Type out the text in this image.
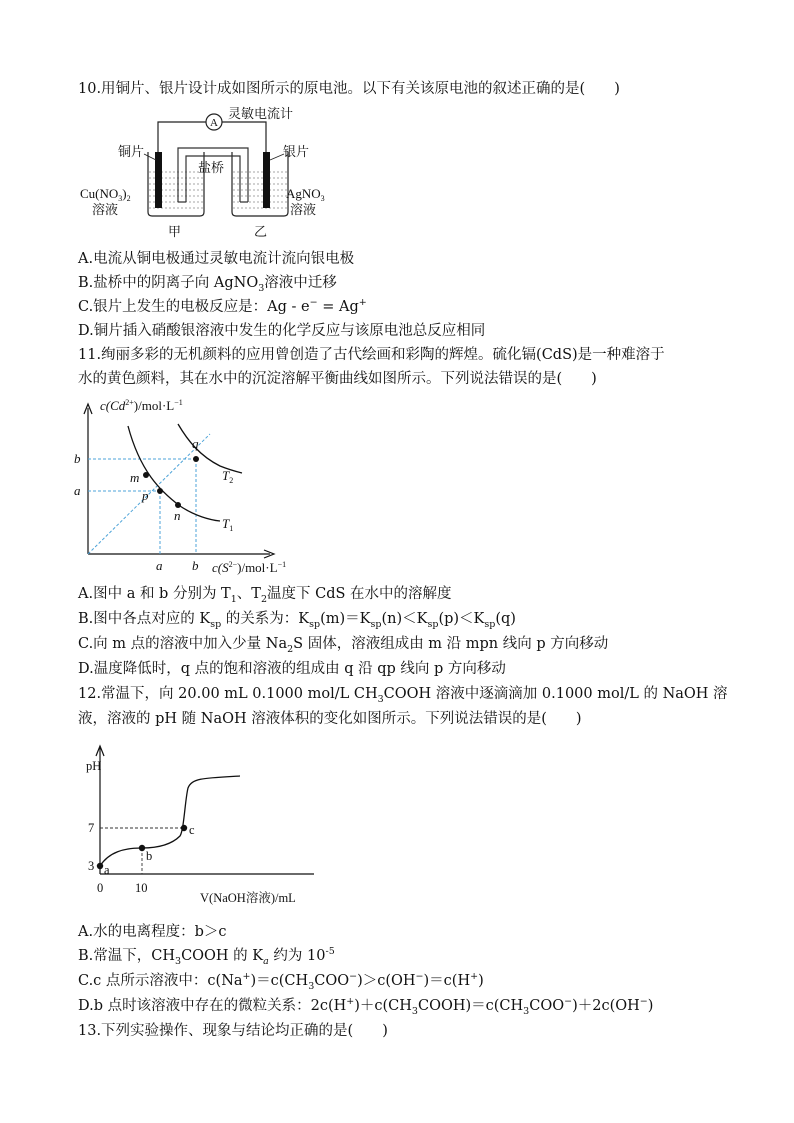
10.用铜片、银片设计成如图所示的原电池。以下有关该原电池的叙述正确的是(　　)
A
灵敏电流计
盐桥
铜片	银片
$Cu(NO_3)_2$
溶液
AgNO$_3$
溶液
甲	乙
A.电流从铜电极通过灵敏电流计流向银电极
B.盐桥中的阴离子向 AgNO$_3$溶液中迁移
C.银片上发生的电极反应是：Ag - e− = Ag+
D.铜片插入硝酸银溶液中发生的化学反应与该原电池总反应相同
11.绚丽多彩的无机颜料的应用曾创造了古代绘画和彩陶的辉煌。硫化镉(CdS)是一种难溶于
水的黄色颜料，其在水中的沉淀溶解平衡曲线如图所示。下列说法错误的是(　　)
$c(Cd^{2+})/mol\cdot L^{-1}$
$c(S^{2-})/mol\cdot L^{-1}$
m
p
n
q
$T_1$
$T_2$
b
a
a b
A.图中 a 和 b 分别为 $T_1$、$T_2$温度下 CdS 在水中的溶解度
B.图中各点对应的 $K_{sp}$ 的关系为：$K_{sp}(m)=K_{sp}(n)<K_{sp}(p)<K_{sp}(q)$
C.向 m 点的溶液中加入少量 $Na_2S$ 固体，溶液组成由 m 沿 mpn 线向 p 方向移动
D.温度降低时，q 点的饱和溶液的组成由 q 沿 qp 线向 p 方向移动
12.常温下，向 20.00 mL 0.1000 mol/L $CH_3COOH$ 溶液中逐滴滴加 0.1000 mol/L 的 NaOH 溶
液，溶液的 pH 随 NaOH 溶液体积的变化如图所示。下列说法错误的是(　　)
pH
V(NaOH溶液)/mL
a
b
c
7
3
0	10
A.水的电离程度：b＞c
B.常温下，$CH_3COOH$ 的 $K_a$ 约为 $10^{-5}$
C.c 点所示溶液中：$c(Na^+)=c(CH_3COO^-)>c(OH^-)=c(H^+)$
D.b 点时该溶液中存在的微粒关系：$2c(H^+)+c(CH_3COOH)=c(CH_3COO^-)+2c(OH^-)$
13.下列实验操作、现象与结论均正确的是(　　)
